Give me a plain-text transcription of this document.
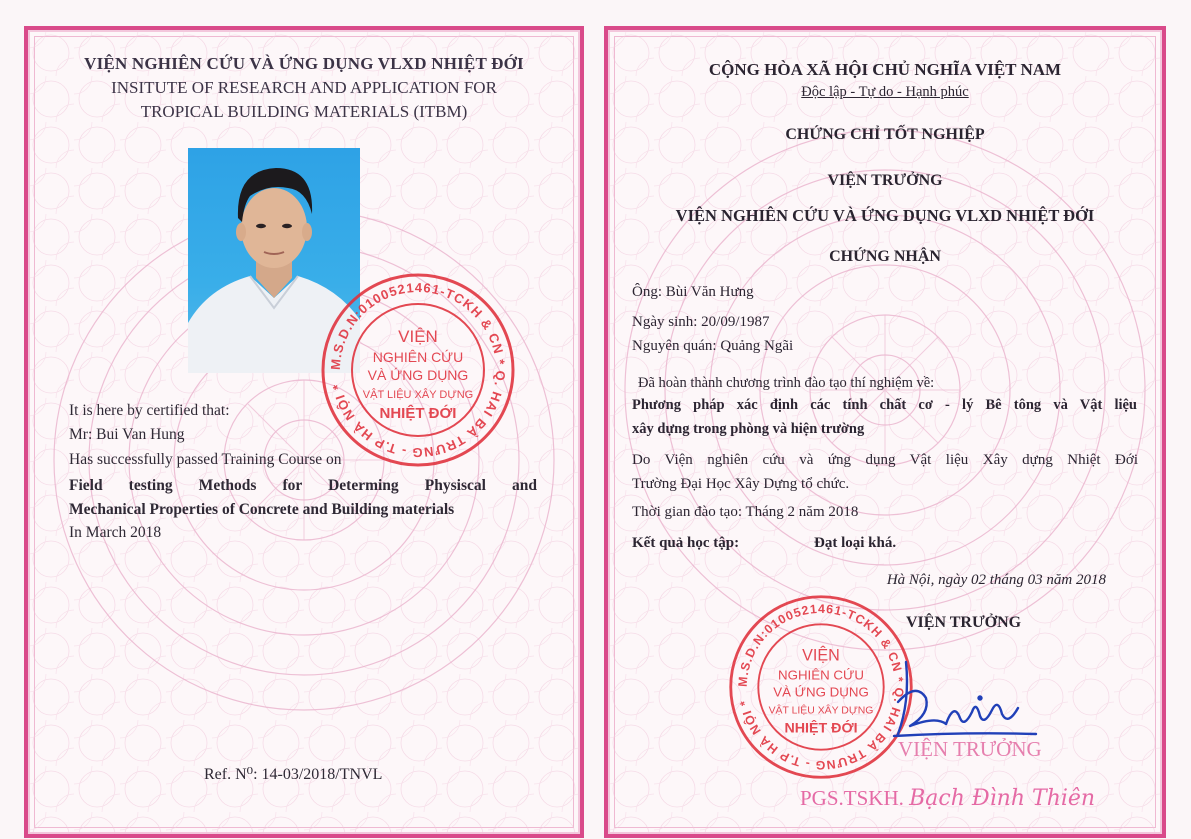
VIỆN NGHIÊN CỨU VÀ ỨNG DỤNG VLXD NHIỆT ĐỚI
INSITUTE OF RESEARCH AND APPLICATION FOR
TROPICAL BUILDING MATERIALS (ITBM)
M.S.D.N:0100521461-TCKH & CN * Q. HAI BÀ TRƯNG - T.P HÀ NỘI *
VIỆN
NGHIÊN CỨU
VÀ ỨNG DỤNG
VẬT LIỆU XÂY DỰNG
NHIỆT ĐỚI
It is here by certified that:
Mr: Bui Van Hung
Has successfully passed Training Course on
Field testing Methods for Determing Physiscal and
Mechanical Properties of Concrete and Building materials
In March 2018
Ref. N⁰: 14-03/2018/TNVL
CỘNG HÒA XÃ HỘI CHỦ NGHĨA VIỆT NAM
Độc lập - Tự do - Hạnh phúc
CHỨNG CHỈ TỐT NGHIỆP
VIỆN TRƯỞNG
VIỆN NGHIÊN CỨU VÀ ỨNG DỤNG VLXD NHIỆT ĐỚI
CHỨNG NHẬN
Ông: Bùi Văn Hưng
Ngày sinh: 20/09/1987
Nguyên quán: Quảng Ngãi
Đã hoàn thành chương trình đào tạo thí nghiệm về:
Phương pháp xác định các tính chất cơ - lý Bê tông và Vật liệu
xây dựng trong phòng và hiện trường
Do Viện nghiên cứu và ứng dụng Vật liệu Xây dựng Nhiệt Đới
Trường Đại Học Xây Dựng tổ chức.
Thời gian đào tạo: Tháng 2 năm 2018
Kết quả học tập:	Đạt loại khá.
Hà Nội, ngày 02 tháng 03 năm 2018
VIỆN TRƯỞNG
M.S.D.N:0100521461-TCKH & CN * Q. HAI BÀ TRƯNG - T.P HÀ NỘI *
VIỆN
NGHIÊN CỨU
VÀ ỨNG DỤNG
VẬT LIỆU XÂY DỰNG
NHIỆT ĐỚI
VIỆN TRƯỞNG
PGS.TSKH. Bạch Đình Thiên
